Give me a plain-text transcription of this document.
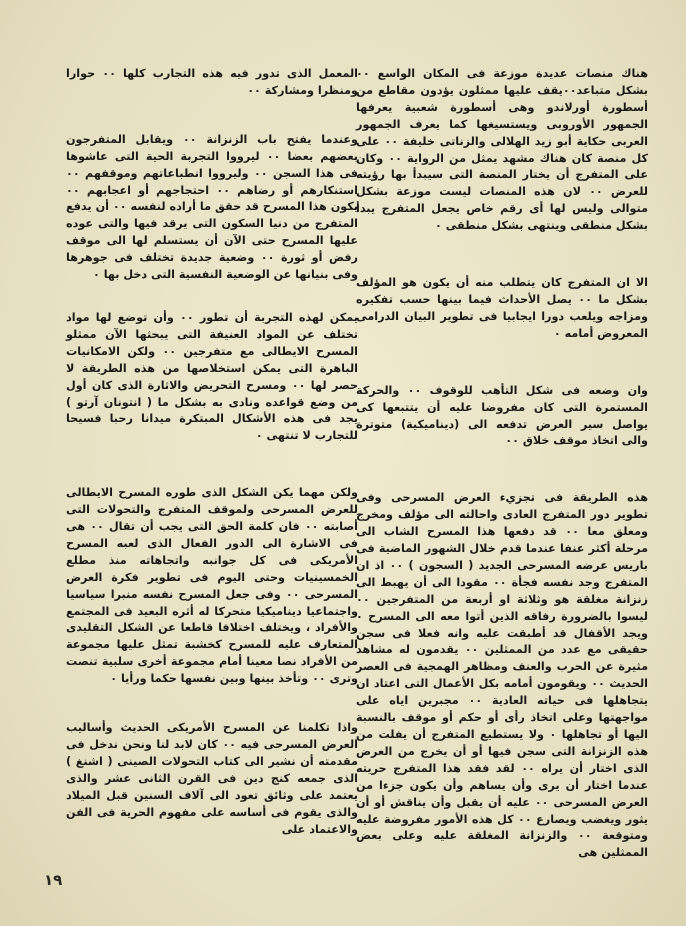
هناك منصات عديدة موزعة فى المكان الواسع ٠٠ بشكل متباعد٠٠يقف عليها ممثلون يؤدون مقاطع من أسطورة أورلاندو وهى أسطورة شعبية يعرفها الجمهور الأوروبى ويستسيغها كما يعرف الجمهور العربى حكاية أبو زيد الهلالى والزناتى خليفة ٠٠ على كل منصة كان هناك مشهد يمثل من الرواية ٠٠ وكان على المتفرج أن يختار المنصة التى سيبدأ بها رؤيته للعرض ٠٠ لان هذه المنصات ليست موزعة بشكل متوالى وليس لها أى رقم خاص يجعل المتفرج يبدأ بشكل منطقى وينتهى بشكل منطقى ٠

الا ان المتفرج كان يتطلب منه أن يكون هو المؤلف بشكل ما ٠٠ يصل الأحداث فيما بينها حسب تفكيره ومزاجه ويلعب دورا ايجابيا فى تطوير البيان الدرامى المعروض أمامه ٠

وان وضعه فى شكل التأهب للوقوف ٠٠ والحركة المستمرة التى كان مفروضا عليه أن يتتبعها كى يواصل سير العرض تدفعه الى (ديناميكية) متوترة والى اتخاذ موقف خلاق ٠٠

هذه الطريقة فى تجزيء العرض المسرحى وفى تطوير دور المتفرج العادى واحالته الى مؤلف ومخرج ومعلق معا ٠٠ قد دفعها هذا المسرح الشاب الى مرحلة أكثر عنفا عندما قدم خلال الشهور الماضية فى باريس عرضه المسرحى الجديد ( السجون ) ٠٠ اذ ان المتفرج وجد نفسه فجأة ٠٠ مقودا الى أن يهبط الى زنزانة مغلقة هو وثلاثة او أربعة من المتفرجين ٠٠ ليسوا بالضرورة رفاقه الذين أتوا معه الى المسرح ٠ ويجد الأقفال قد أطبقت عليه وانه فعلا فى سجن حقيقى مع عدد من الممثلين ٠٠ يقدمون له مشاهد مثيرة عن الحرب والعنف ومظاهر الهمجية فى العصر الحديث ٠٠ ويقومون أمامه بكل الأعمال التى اعتاد ان يتجاهلها فى حياته العادية ٠٠ مجبرين اياه على مواجهتها وعلى اتخاذ رأى أو حكم أو موقف بالنسبة اليها أو تجاهلها ٠ ولا يستطيع المتفرج أن يفلت من هذه الزنزانة التى سجن فيها أو أن يخرج من العرض الذى اختار أن يراه ٠٠ لقد فقد هذا المتفرج حريته عندما اختار أن يرى وأن يساهم وأن يكون جزءا من العرض المسرحى ٠٠ عليه أن يقبل وأن يناقش أو أن يثور ويغضب ويصارع ٠٠ كل هذه الأمور مفروضة عليه ومتوقعة ٠٠ والزنزانة المغلقة عليه وعلى بعض الممثلين هى

المعمل الذى تدور فيه هذه التجارب كلها ٠٠ حوارا ومنظرا ومشاركة ٠٠

وعندما يفتح باب الزنزانة ٠٠ ويقابل المتفرجون بعضهم بعضا ٠٠ ليرووا التجربة الحية التى عاشوها فى هذا السجن ٠٠ وليرووا انطباعاتهم وموقفهم ٠٠ استنكارهم أو رضاهم ٠٠ احتجاجهم أو اعجابهم ٠٠ يكون هذا المسرح قد حقق ما أراده لنفسه ٠٠ أن يدفع المتفرج من دنيا السكون التى يرقد فيها والتى عوده عليها المسرح حتى الآن أن يستسلم لها الى موقف رفض أو ثورة ٠٠ وضعية جديدة تختلف فى جوهرها وفى بنيانها عن الوضعية النفسية التى دخل بها ٠

يمكن لهذه التجربة أن تطور ٠٠ وأن توضع لها مواد تختلف عن المواد العنيفة التى يبحثها الآن ممثلو المسرح الايطالى مع متفرجين ٠٠ ولكن الامكانيات الباهرة التى يمكن استخلاصها من هذه الطريقة لا حصر لها ٠٠ ومسرح التحريض والاثارة الذى كان أول من وضع قواعده ونادى به بشكل ما ( انتونان آرتو ) يجد فى هذه الأشكال المبتكرة ميدانا رحبا فسيحا للتجارب لا تنتهى ٠

ولكن مهما يكن الشكل الذى طوره المسرح الايطالى للعرض المسرحى ولموقف المتفرج والتحولات التى أصابته ٠٠ فان كلمة الحق التى يجب أن تقال ٠٠ هى فى الاشارة الى الدور الفعال الذى لعبه المسرح الأمريكى فى كل جوانبه واتجاهاته منذ مطلع الخمسينيات وحتى اليوم فى تطوير فكرة العرض المسرحى ٠٠ وفى جعل المسرح نفسه منبرا سياسيا واجتماعيا ديناميكيا متحركا له أثره البعيد فى المجتمع والأفراد ، ويختلف اختلافا قاطعا عن الشكل التقليدى المتعارف عليه للمسرح كخشبة تمثل عليها مجموعة من الأفراد نصا معينا أمام مجموعة أخرى سلبية تنصت وترى ٠٠ وتأخذ بينها وبين نفسها حكما ورأيا ٠

واذا تكلمنا عن المسرح الأمريكى الحديث وأساليب العرض المسرحى فيه ٠٠ كان لابد لنا ونحن ندخل فى مقدمته أن نشير الى كتاب التحولات الصينى ( اشنغ ) الذى جمعه كنج دين فى القرن الثانى عشر والذى يعتمد على وثائق تعود الى آلاف السنين قبل الميلاد والذى يقوم فى أساسه على مفهوم الحرية فى الفن والاعتماد على

١٩
